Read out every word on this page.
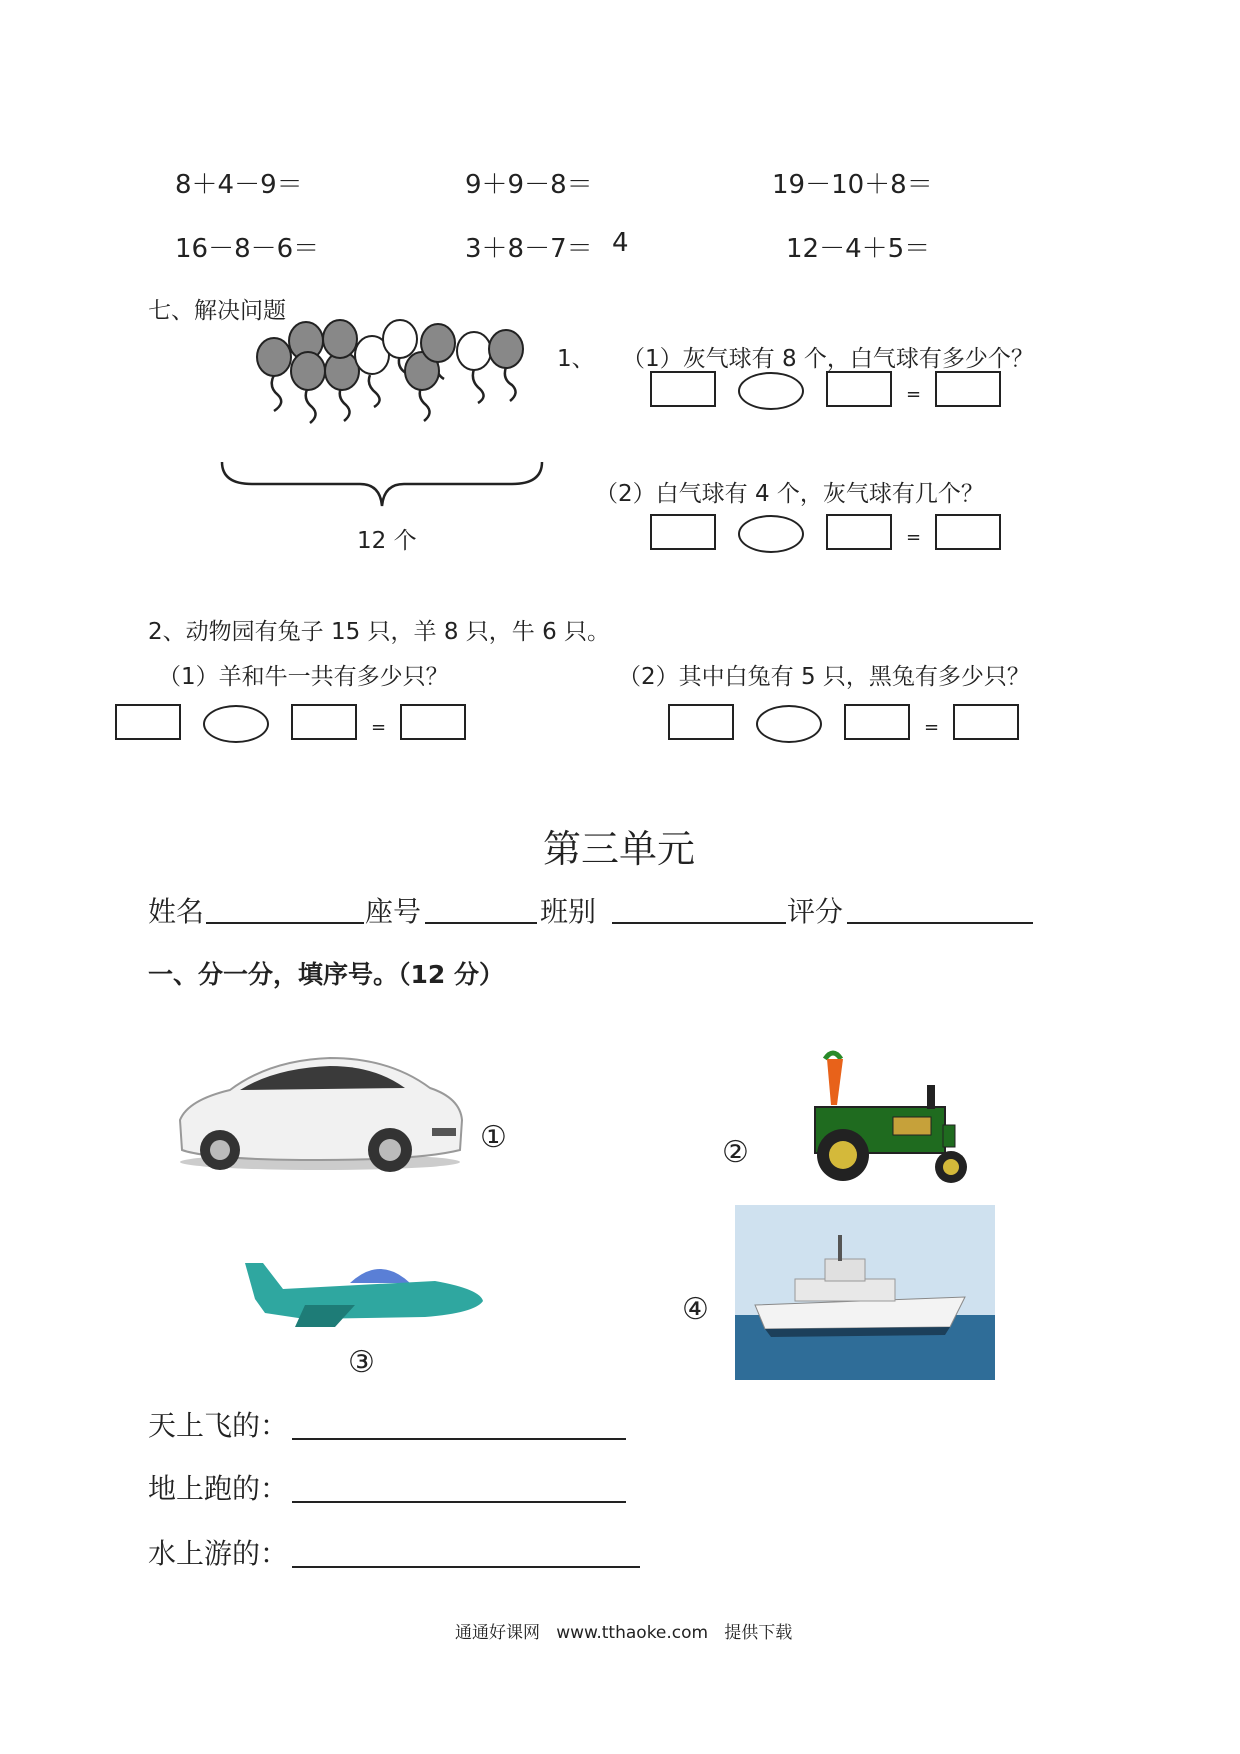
8＋4－9＝	9＋9－8＝	19－10＋8＝
16－8－6＝	3＋8－7＝ 4	12－4＋5＝
七、解决问题
12 个
1、 （1）灰气球有 8 个，白气球有多少个？
=
（2）白气球有 4 个，灰气球有几个？
=
2、动物园有兔子 15 只，羊 8 只，牛 6 只。
（1）羊和牛一共有多少只？	（2）其中白兔有 5 只，黑兔有多少只？
=	=
第三单元
姓名	座号	班别	评分
一、分一分，填序号。（12 分）
①	②
③
④
天上飞的：
地上跑的：
水上游的：
通通好课网   www.tthaoke.com   提供下载
